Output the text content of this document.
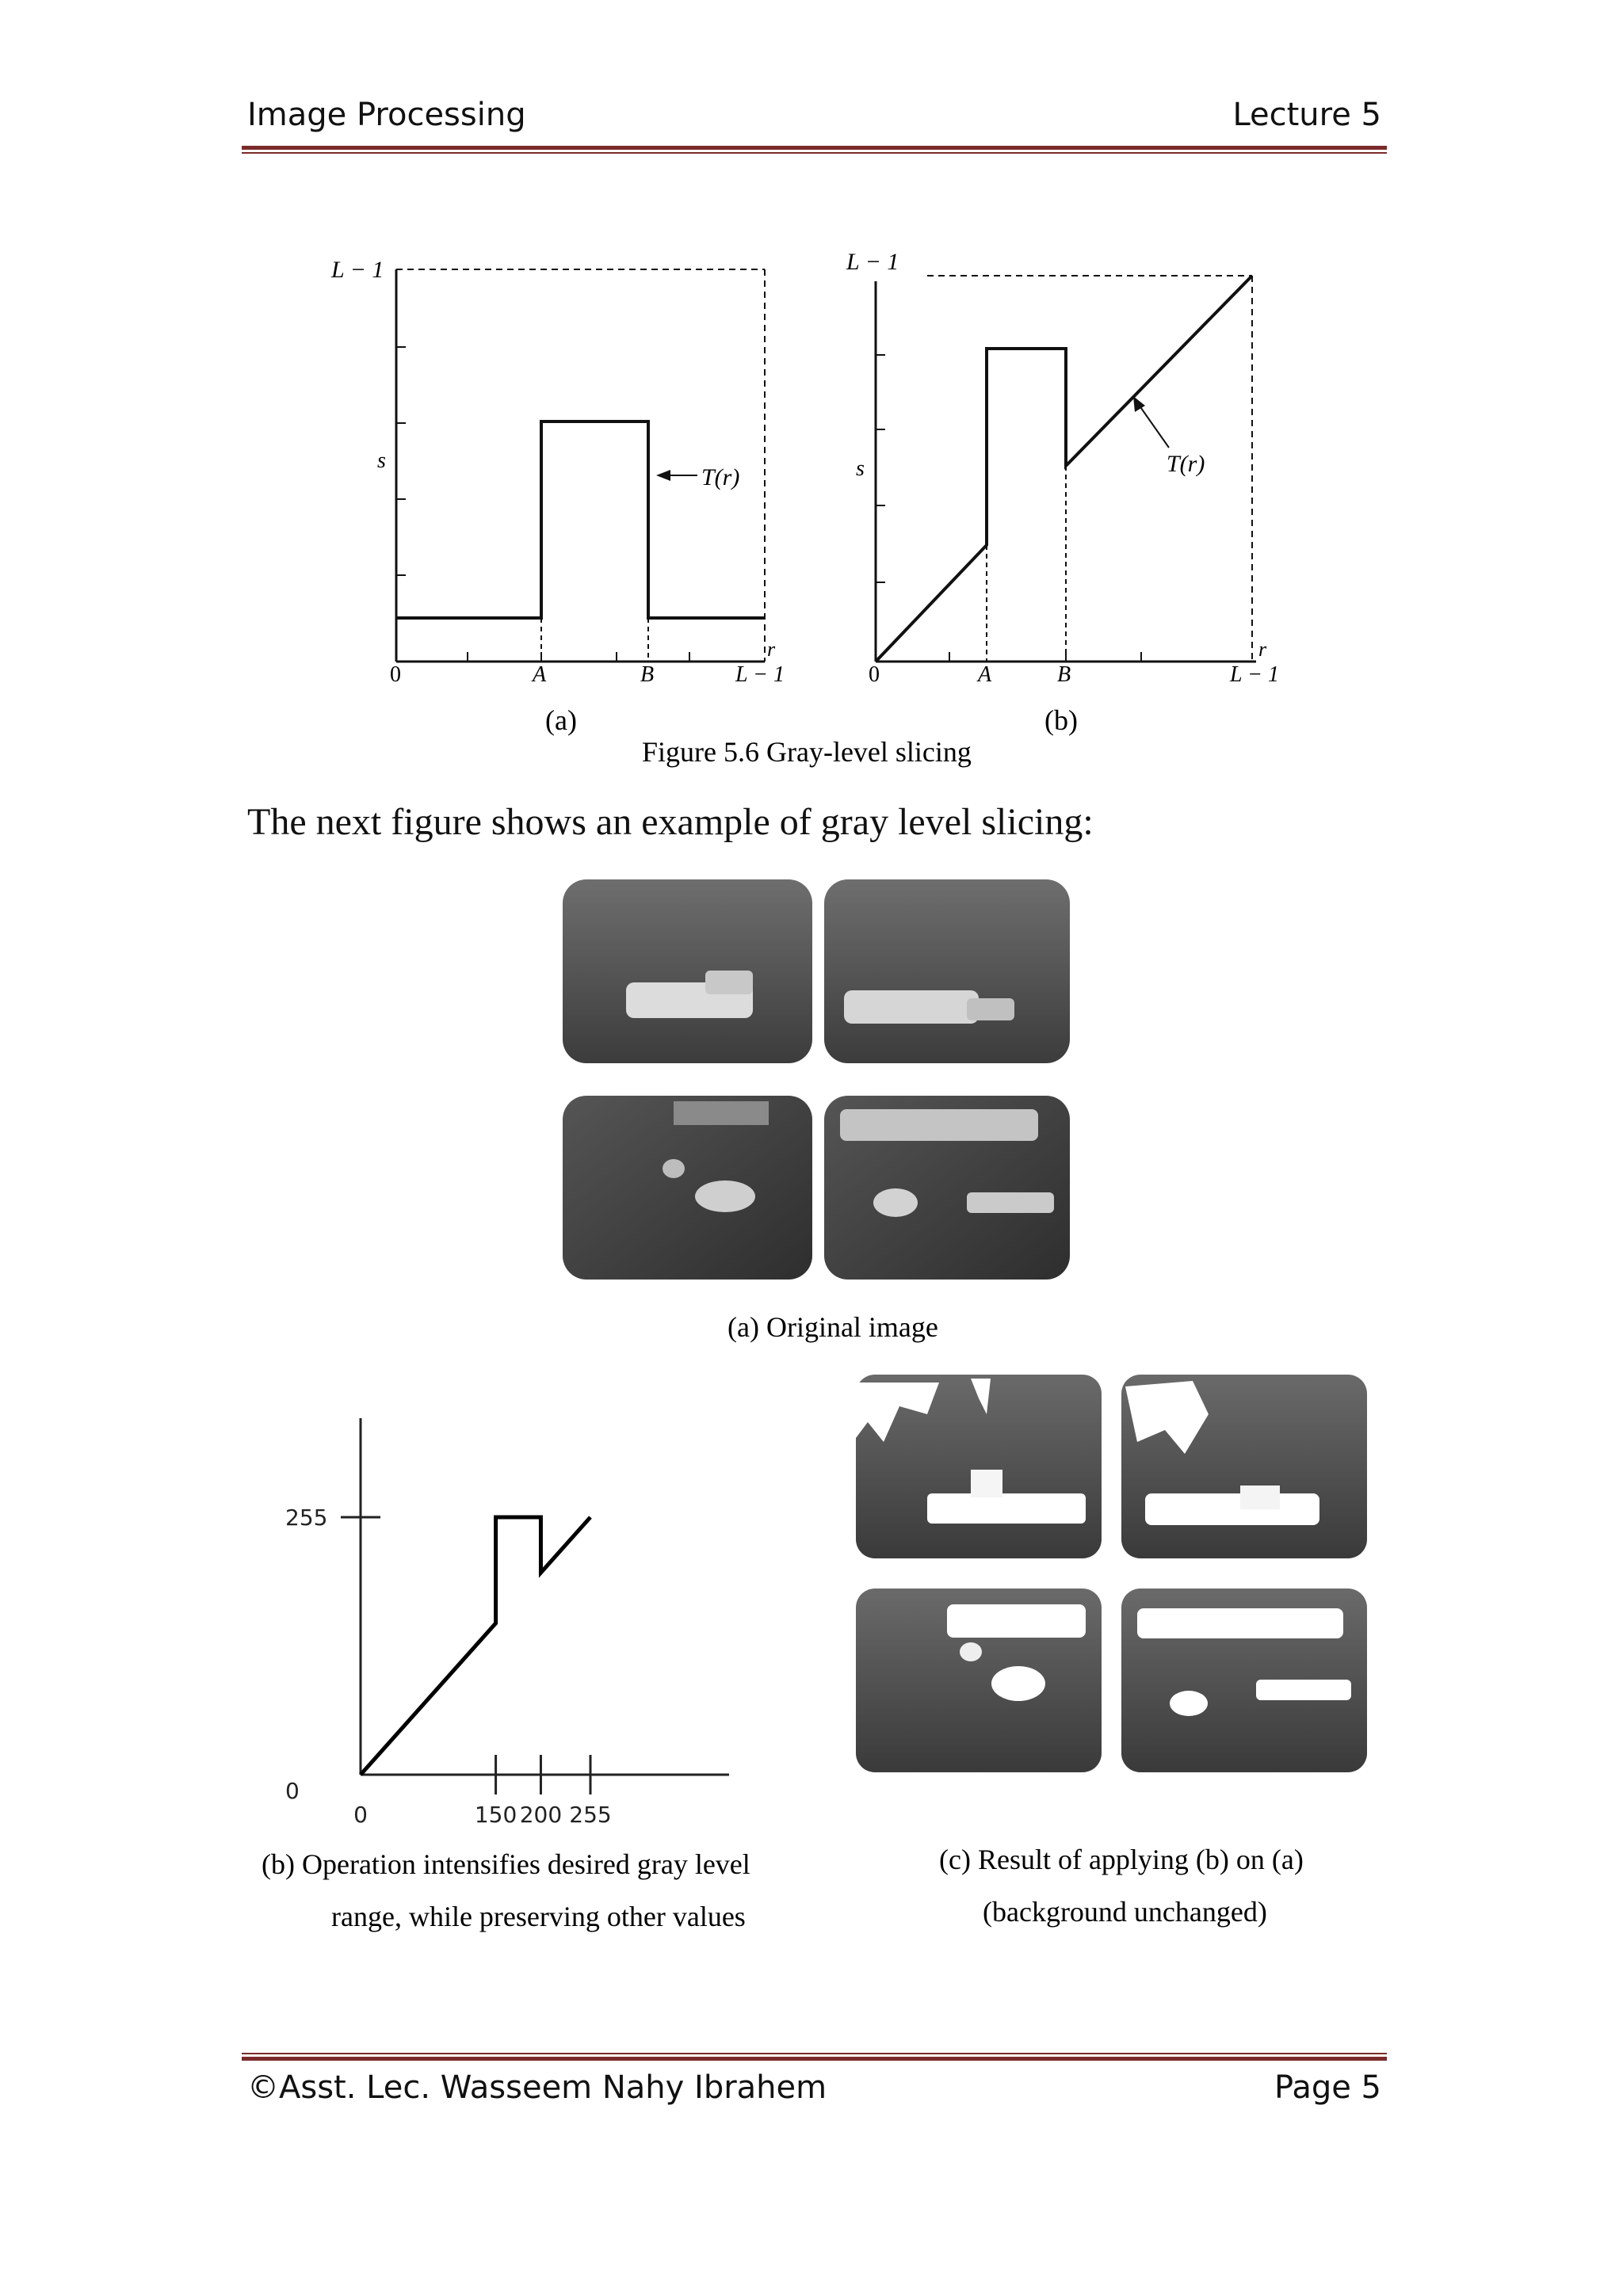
Image Processing	Lecture 5
T(r)
L − 1
s
0	A	B	L − 1
r
(a)
T(r)
L − 1
s
0	A	B	L − 1
r
(b)
Figure 5.6 Gray-level slicing
The next figure shows an example of gray level slicing:
(a) Original image
0
255
0	150 200 255
(b) Operation intensifies desired gray level
range, while preserving other values
(c) Result of applying (b) on (a)
(background unchanged)
©Asst. Lec. Wasseem Nahy Ibrahem	Page 5
